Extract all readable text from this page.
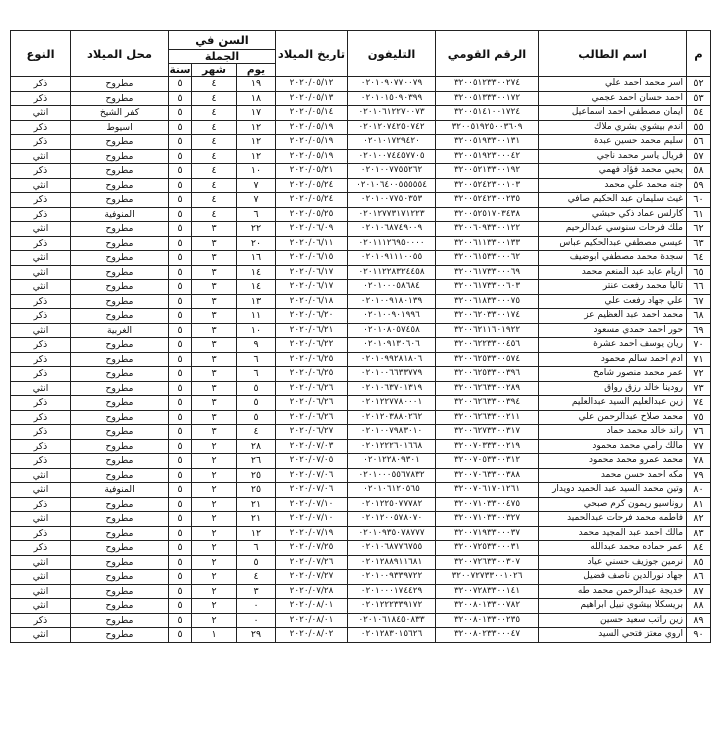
م	اسم الطالب	الرقم القومي	التليفون	تاريخ الميلاد	السن في			محل الميلاد	النوع
					الجملة				
					يوم	شهر	سنة		
٥٢	اسر محمد احمد علي	٣٢٠٠٥١٢٣٣٠٠٢٧٤	٠٢٠١٠٩٠٧٧٠٠٧٩	٢٠٢٠/٠٥/١٢	١٩	٤	٥	مطروح	ذكر
٥٣	احمد حسان احمد عجمي	٣٢٠٠٥١٣٣٣٠٠١٧٢	٠٢٠١٠١٥٠٩٠٣٩٩	٢٠٢٠/٠٥/١٣	١٨	٤	٥	مطروح	ذكر
٥٤	ايمان مصطفي احمد اسماعيل	٣٢٠٠٥١٤١٠٠١٧٢٤	٠٢٠١٠٦١٢٢٧٠٠٧٣	٢٠٢٠/٠٥/١٤	١٧	٤	٥	كفر الشيخ	انثي
٥٥	اندم بيشوي بشري ملاك	٣٢٠٠٥١٩٢٥٠٠٣٦٠٩	٠٢٠١٢٠٧٤٢٥٠٧٤٢	٢٠٢٠/٠٥/١٩	١٢	٤	٥	اسيوط	ذكر
٥٦	سليم محمد حسين عبدة	٣٢٠٠٥١٩٣٣٠٠١٣١	٠٢٠١٠١٧٢٩٤٢٠	٢٠٢٠/٠٥/١٩	١٢	٤	٥	مطروح	ذكر
٥٧	فريال ياسر محمد ناجي	٣٢٠٠٥١٩٢٣٠٠٠٤٢	٠٢٠١٠٠٧٤٤٥٧٧٠٥	٢٠٢٠/٠٥/١٩	١٢	٤	٥	مطروح	انثي
٥٨	يحيي محمد فؤاد فهمي	٣٢٠٠٥٢١٣٣٠٠١٩٢	٠٢٠١٠٠٧٧٥٥٢٦٢	٢٠٢٠/٠٥/٢١	١٠	٤	٥	مطروح	ذكر
٥٩	جنه محمد علي محمد	٣٢٠٠٥٢٤٢٣٠٠١٠٣	٠٢٠١٠٦٤٠٠٥٥٥٥٥٤	٢٠٢٠/٠٥/٢٤	٧	٤	٥	مطروح	انثي
٦٠	غيث سليمان عبد الحكيم صافي	٣٢٠٠٥٢٤٢٣٠٠٢٣٥	٠٢٠١٠٠٧٧٥٠٣٥٣	٢٠٢٠/٠٥/٢٤	٧	٤	٥	مطروح	ذكر
٦١	كارلس عماد ذكي حبشي	٣٢٠٠٥٢٥١٧٠٣٤٣٨	٠٢٠١٢٧٧٣١٧١٢٢٣	٢٠٢٠/٠٥/٢٥	٦	٤	٥	المنوفية	ذكر
٦٢	ملك فرحات سنوسي عبدالرحيم	٣٢٠٠٦٠٩٣٣٠٠١٢٢	٠٢٠١٠٦٨٧٤٩٠٠٩	٢٠٢٠/٠٦/٠٩	٢٢	٣	٥	مطروح	انثي
٦٣	عيسي مصطفي عبدالحكيم عباس	٣٢٠٠٦١١٣٣٠٠١٣٣	٠٢٠١١١٢٦٩٥٠٠٠٠	٢٠٢٠/٠٦/١١	٢٠	٣	٥	مطروح	ذكر
٦٤	سجدة محمد مصطفي ابوضيف	٣٢٠٠٦١٥٣٣٠٠٠٦٢	٠٢٠١٠٩١١١٠٠٥٥	٢٠٢٠/٠٦/١٥	١٦	٣	٥	مطروح	انثي
٦٥	اريام عابد عبد المنعم محمد	٣٢٠٠٦١٧٣٣٠٠٠٦٩	٠٢٠١١٢٢٨٣٢٤٤٥٨	٢٠٢٠/٠٦/١٧	١٤	٣	٥	مطروح	انثي
٦٦	تاليا محمد رفعت عنتر	٣٢٠٠٦١٧٣٣٠٠٦٠٣	٠٢٠١٠٠٠٥٨٦٨٤	٢٠٢٠/٠٦/١٧	١٤	٣	٥	مطروح	انثي
٦٧	علي جهاد رفعت علي	٣٢٠٠٦١٨٣٣٠٠٠٧٥	٠٢٠١٠٠٩١٨٠١٣٩	٢٠٢٠/٠٦/١٨	١٣	٣	٥	مطروح	ذكر
٦٨	محمد احمد عبد العظيم عز	٣٢٠٠٦٢٠٣٣٠٠١٧٤	٠٢٠١٠٠٩٠١٩٩٦	٢٠٢٠/٠٦/٢٠	١١	٣	٥	مطروح	ذكر
٦٩	حور احمد حمدي مسعود	٣٢٠٠٦٢١١٦٠١٩٢٢	٠٢٠١٠٨٠٥٧٤٥٨	٢٠٢٠/٠٦/٢١	١٠	٣	٥	الغربية	انثي
٧٠	ريان يوسف احمد عشرة	٣٢٠٠٦٢٢٣٣٠٠٤٥٦	٠٢٠١٠٩١٣٠٦٠٦	٢٠٢٠/٠٦/٢٢	٩	٣	٥	مطروح	ذكر
٧١	ادم احمد سالم محمود	٣٢٠٠٦٢٥٣٣٠٠٥٧٤	٠٢٠١٠٩٩٢٨١٨٠٦	٢٠٢٠/٠٦/٢٥	٦	٣	٥	مطروح	ذكر
٧٢	عمر محمد منصور شامخ	٣٢٠٠٦٢٥٣٣٠٠٣٩٦	٠٢٠١٠٠٦٦٣٣٧٧٩	٢٠٢٠/٠٦/٢٥	٦	٣	٥	مطروح	ذكر
٧٣	رودينا خالد رزق رواق	٣٢٠٠٦٢٦٣٣٠٠٢٨٩	٠٢٠١٠٦٣٧٠١٣١٩	٢٠٢٠/٠٦/٢٦	٥	٣	٥	مطروح	انثي
٧٤	زين عبدالعليم السيد عبدالعليم	٣٢٠٠٦٢٦٣٣٠٠٣٩٤	٠٢٠١٢٢٧٧٨٠٠٠١	٢٠٢٠/٠٦/٢٦	٥	٣	٥	مطروح	ذكر
٧٥	محمد صلاح عبدالرحمن علي	٣٢٠٠٦٢٦٣٣٠٠٢١١	٠٢٠١٢٠٣٨٨٠٢٦٢	٢٠٢٠/٠٦/٢٦	٥	٣	٥	مطروح	ذكر
٧٦	راند خالد محمد حماد	٣٢٠٠٦٢٧٣٣٠٠٣١٧	٠٢٠١٠٠٧٩٨٣٠١٠	٢٠٢٠/٠٦/٢٧	٤	٣	٥	مطروح	ذكر
٧٧	مالك رامي محمد محمود	٣٢٠٠٧٠٣٣٣٠٠٢١٩	٠٢٠١٢٢٢٦٠١٦٦٨	٢٠٢٠/٠٧/٠٣	٢٨	٢	٥	مطروح	ذكر
٧٨	محمد عمرو محمد محمود	٣٢٠٠٧٠٥٣٣٠٠٣١٢	٠٢٠١٢٢٨٠٩٣٠١	٢٠٢٠/٠٧/٠٥	٢٦	٢	٥	مطروح	ذكر
٧٩	مكه احمد حسن محمد	٣٢٠٠٧٠٦٣٣٠٠٣٨٨	٠٢٠١٠٠٠٥٥٦٧٨٣٢	٢٠٢٠/٠٧/٠٦	٢٥	٢	٥	مطروح	انثي
٨٠	وتين محمد السيد عبد الحميد دويدار	٣٢٠٠٧٠٦١٧٠١٢٦١	٠٢٠١٠٦١٢٠٥٦٥	٢٠٢٠/٠٧/٠٦	٢٥	٢	٥	المنوفية	انثي
٨١	روناسيو ريمون كرم صبحي	٣٢٠٠٧١٠٣٣٠٠٤٧٥	٠٢٠١٢٢٥٠٧٧٧٨٢	٢٠٢٠/٠٧/١٠	٢١	٢	٥	مطروح	ذكر
٨٢	فاطمه محمد فرحات عبدالحميد	٣٢٠٠٧١٠٣٣٠٠٣٢٧	٠٢٠١٢٠٠٥٧٨٠٧٠	٢٠٢٠/٠٧/١٠	٢١	٢	٥	مطروح	انثي
٨٣	مالك احمد عبد المجيد محمد	٣٢٠٠٧١٩٣٣٠٠٠٣٧	٠٢٠١٠٩٣٥٠٧٨٧٧٧	٢٠٢٠/٠٧/١٩	١٢	٢	٥	مطروح	ذكر
٨٤	عمر حماده محمد عبدالله	٣٢٠٠٧٢٥٣٣٠٠٠٣١	٠٢٠١٠٦٨٧٧٦٧٥٥	٢٠٢٠/٠٧/٢٥	٦	٢	٥	مطروح	ذكر
٨٥	نرمين جوزيف حسني عياد	٣٢٠٠٧٢٦٣٣٠٠٣٠٧	٠٢٠١٢٨٨٩١١٦٨١	٢٠٢٠/٠٧/٢٦	٥	٢	٥	مطروح	انثي
٨٦	جهاد نورالدين ناصف فضيل	٣٢٠٠٧٢٧٣٣٠٠١٠٢٦	٠٢٠١٠٠٩٣٣٩٧٢٢	٢٠٢٠/٠٧/٢٧	٤	٢	٥	مطروح	انثي
٨٧	خديجة عبدالرحمن محمد طه	٣٢٠٠٧٢٨٣٣٠٠١٤١	٠٢٠١٠٠٠١٧٤٤٢٩	٢٠٢٠/٠٧/٢٨	٣	٢	٥	مطروح	انثي
٨٨	بريسكلا بيشوي نبيل ابراهيم	٣٢٠٠٨٠١٣٣٠٠٧٨٢	٠٢٠١٢٢٢٣٣٩١٧٢	٢٠٢٠/٠٨/٠١	٠	٢	٥	مطروح	انثي
٨٩	زين راتب سعيد حسين	٣٢٠٠٨٠١٣٣٠٠٢٣٥	٠٢٠١٠٦١٨٤٥٠٨٣٣	٢٠٢٠/٠٨/٠١	٠	٢	٥	مطروح	ذكر
٩٠	اروي معتز فتحي السيد	٣٢٠٠٨٠٢٣٣٠٠٠٤٧	٠٢٠١٢٨٣٠١٥٦٢٦	٢٠٢٠/٠٨/٠٢	٢٩	١	٥	مطروح	انثي
